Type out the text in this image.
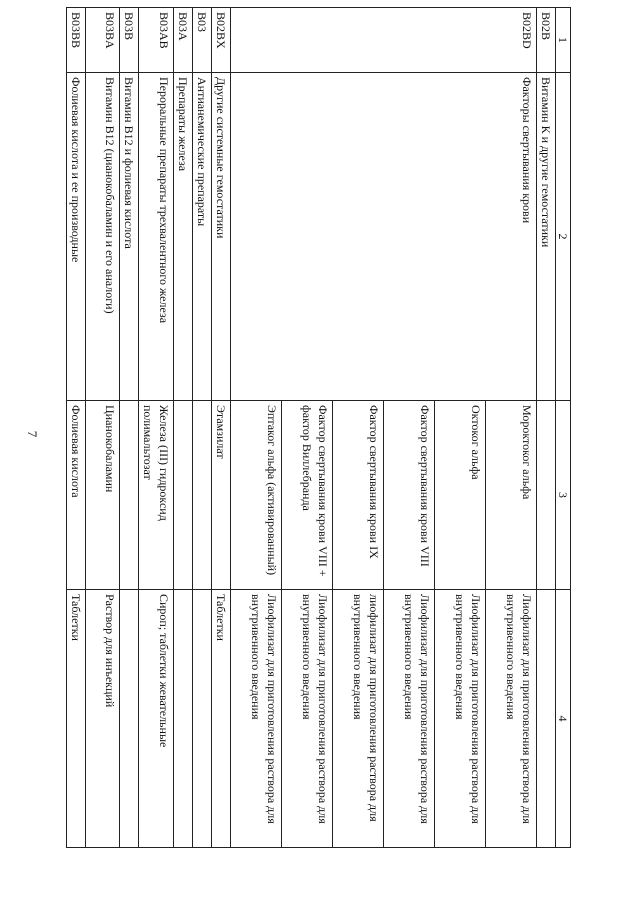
7
1	2	3	4
B02B	Витамин К и другие гемостатики		
B02BD	Факторы свертывания крови	Мороктоког альфа	Лиофилизат для приготовления раствора для внутривенного введения
		Октоког альфа	Лиофилизат для приготовления раствора для внутривенного введения
		Фактор свертывания крови VIII	Лиофилизат для приготовления раствора для внутривенного введения
		Фактор свертывания крови IX	лиофилизат для приготовления раствора для внутривенного введения
		Фактор свертывания крови VIII + фактор Виллебранда	Лиофилизат для приготовления раствора для внутривенного введения
		Эптаког альфа (активированный)	Лиофилизат для приготовления раствора для внутривенного введения
B02BX	Другие системные гемостатики	Этамзилат	Таблетки
B03	Антианемические препараты		
B03A	Препараты железа		
B03AB	Пероральные препараты трехвалентного железа	Железа (III) гидроксид полимальтозат	Сироп; таблетки жевательные
B03B	Витамин B12 и фолиевая кислота		
B03BA	Витамин B12 (цианокобаламин и его аналоги)	Цианокобаламин	Раствор для инъекций
B03BB	Фолиевая кислота и ее производные	Фолиевая кислота	Таблетки
